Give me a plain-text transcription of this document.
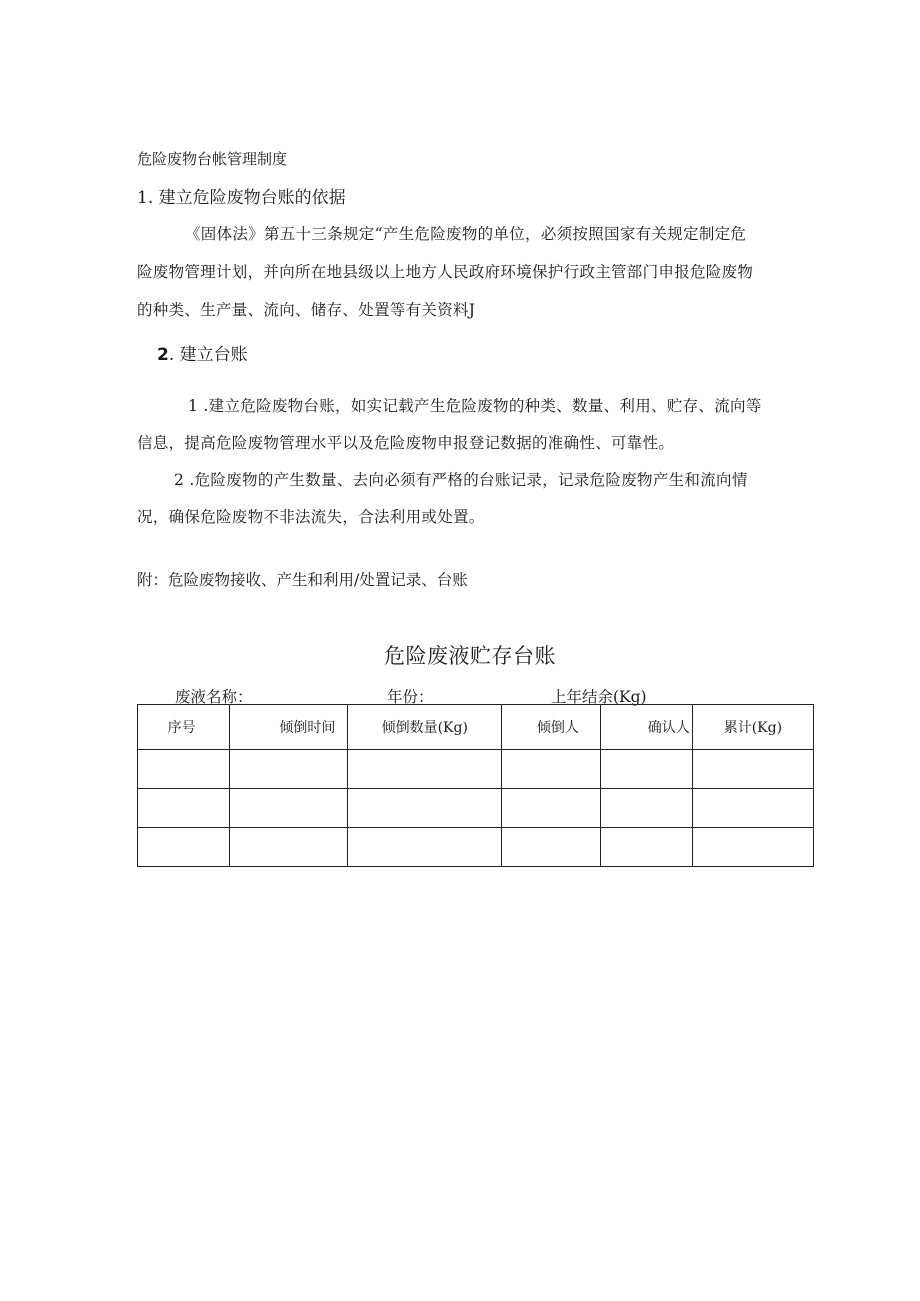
危险废物台帐管理制度
1. 建立危险废物台账的依据
《固体法》第五十三条规定“产生危险废物的单位，必须按照国家有关规定制定危
险废物管理计划，并向所在地县级以上地方人民政府环境保护行政主管部门申报危险废物
的种类、生产量、流向、储存、处置等有关资料J
2. 建立台账
1 .建立危险废物台账，如实记载产生危险废物的种类、数量、利用、贮存、流向等
信息，提高危险废物管理水平以及危险废物申报登记数据的准确性、可靠性。
2 .危险废物的产生数量、去向必须有严格的台账记录，记录危险废物产生和流向情
况，确保危险废物不非法流失，合法利用或处置。
附：危险废物接收、产生和利用/处置记录、台账
危险废液贮存台账
废液名称：	年份：	上年结余(Kg)
序号	倾倒时间	倾倒数量(Kg)	倾倒人	确认人	累计(Kg)
